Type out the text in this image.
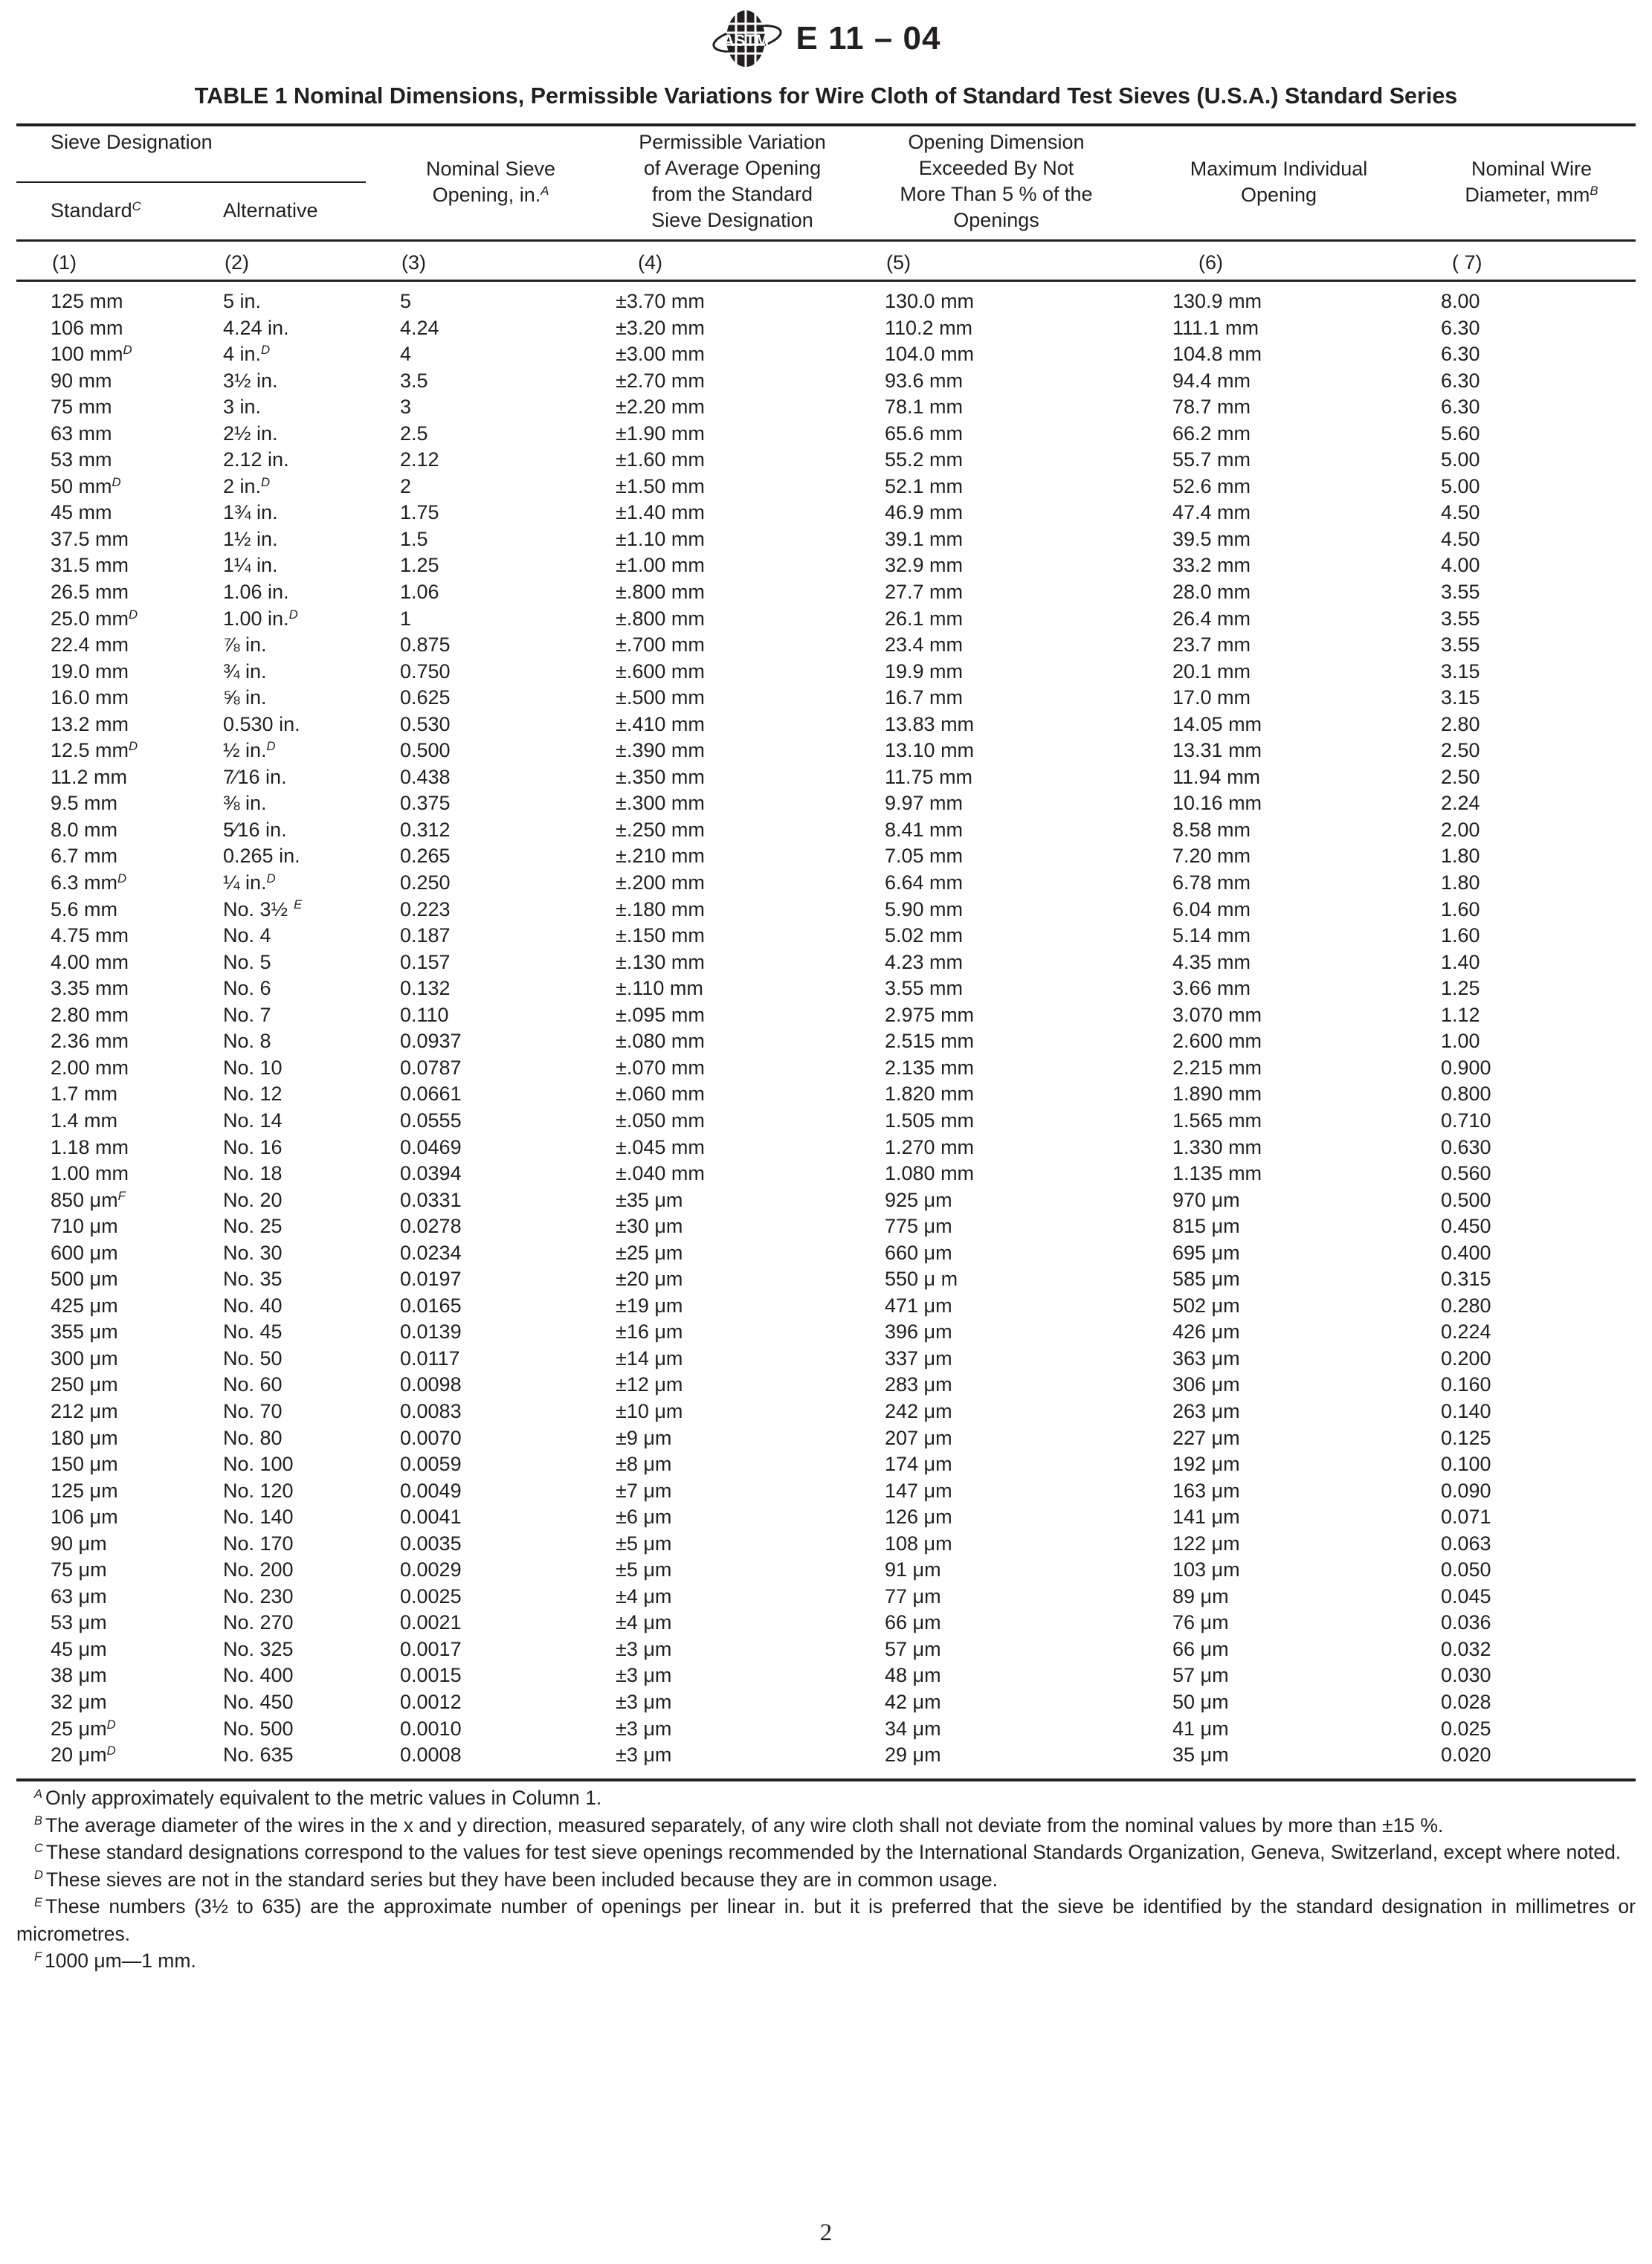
ASTM E 11 – 04
TABLE 1 Nominal Dimensions, Permissible Variations for Wire Cloth of Standard Test Sieves (U.S.A.) Standard Series
Sieve Designation
Standard$^C$	Alternative
Nominal Sieve
Opening, in.$^A$
Permissible Variation
of Average Opening
from the Standard
Sieve Designation
Opening Dimension
Exceeded By Not
More Than 5 % of the
Openings
Maximum Individual
Opening
Nominal Wire
Diameter, $mm^B$
(1)	(2)	(3)	(4)	(5)	(6)	( 7)
125 mm	5 in.	5	±3.70 mm	130.0 mm	130.9 mm	8.00
106 mm	4.24 in.	4.24	±3.20 mm	110.2 mm	111.1 mm	6.30
100 $mm^D$	4 in.$^D$	4	±3.00 mm	104.0 mm	104.8 mm	6.30
90 mm	3½ in.	3.5	±2.70 mm	93.6 mm	94.4 mm	6.30
75 mm	3 in.	3	±2.20 mm	78.1 mm	78.7 mm	6.30
63 mm	2½ in.	2.5	±1.90 mm	65.6 mm	66.2 mm	5.60
53 mm	2.12 in.	2.12	±1.60 mm	55.2 mm	55.7 mm	5.00
50 $mm^D$	2 in.$^D$	2	±1.50 mm	52.1 mm	52.6 mm	5.00
45 mm	1¾ in.	1.75	±1.40 mm	46.9 mm	47.4 mm	4.50
37.5 mm	1½ in.	1.5	±1.10 mm	39.1 mm	39.5 mm	4.50
31.5 mm	1¼ in.	1.25	±1.00 mm	32.9 mm	33.2 mm	4.00
26.5 mm	1.06 in.	1.06	±.800 mm	27.7 mm	28.0 mm	3.55
25.0 $mm^D$	1.00 in.$^D$	1	±.800 mm	26.1 mm	26.4 mm	3.55
22.4 mm	⅞ in.	0.875	±.700 mm	23.4 mm	23.7 mm	3.55
19.0 mm	¾ in.	0.750	±.600 mm	19.9 mm	20.1 mm	3.15
16.0 mm	⅝ in.	0.625	±.500 mm	16.7 mm	17.0 mm	3.15
13.2 mm	0.530 in.	0.530	±.410 mm	13.83 mm	14.05 mm	2.80
12.5 $mm^D$	½ in.$^D$	0.500	±.390 mm	13.10 mm	13.31 mm	2.50
11.2 mm	7⁄16 in.	0.438	±.350 mm	11.75 mm	11.94 mm	2.50
9.5 mm	⅜ in.	0.375	±.300 mm	9.97 mm	10.16 mm	2.24
8.0 mm	5⁄16 in.	0.312	±.250 mm	8.41 mm	8.58 mm	2.00
6.7 mm	0.265 in.	0.265	±.210 mm	7.05 mm	7.20 mm	1.80
6.3 $mm^D$	¼ in.$^D$	0.250	±.200 mm	6.64 mm	6.78 mm	1.80
5.6 mm	No. 3½ $^E$	0.223	±.180 mm	5.90 mm	6.04 mm	1.60
4.75 mm	No. 4	0.187	±.150 mm	5.02 mm	5.14 mm	1.60
4.00 mm	No. 5	0.157	±.130 mm	4.23 mm	4.35 mm	1.40
3.35 mm	No. 6	0.132	±.110 mm	3.55 mm	3.66 mm	1.25
2.80 mm	No. 7	0.110	±.095 mm	2.975 mm	3.070 mm	1.12
2.36 mm	No. 8	0.0937	±.080 mm	2.515 mm	2.600 mm	1.00
2.00 mm	No. 10	0.0787	±.070 mm	2.135 mm	2.215 mm	0.900
1.7 mm	No. 12	0.0661	±.060 mm	1.820 mm	1.890 mm	0.800
1.4 mm	No. 14	0.0555	±.050 mm	1.505 mm	1.565 mm	0.710
1.18 mm	No. 16	0.0469	±.045 mm	1.270 mm	1.330 mm	0.630
1.00 mm	No. 18	0.0394	±.040 mm	1.080 mm	1.135 mm	0.560
850 $\mu m^F$	No. 20	0.0331	±35 μm	925 μm	970 μm	0.500
710 μm	No. 25	0.0278	±30 μm	775 μm	815 μm	0.450
600 μm	No. 30	0.0234	±25 μm	660 μm	695 μm	0.400
500 μm	No. 35	0.0197	±20 μm	550 μ m	585 μm	0.315
425 μm	No. 40	0.0165	±19 μm	471 μm	502 μm	0.280
355 μm	No. 45	0.0139	±16 μm	396 μm	426 μm	0.224
300 μm	No. 50	0.0117	±14 μm	337 μm	363 μm	0.200
250 μm	No. 60	0.0098	±12 μm	283 μm	306 μm	0.160
212 μm	No. 70	0.0083	±10 μm	242 μm	263 μm	0.140
180 μm	No. 80	0.0070	±9 μm	207 μm	227 μm	0.125
150 μm	No. 100	0.0059	±8 μm	174 μm	192 μm	0.100
125 μm	No. 120	0.0049	±7 μm	147 μm	163 μm	0.090
106 μm	No. 140	0.0041	±6 μm	126 μm	141 μm	0.071
90 μm	No. 170	0.0035	±5 μm	108 μm	122 μm	0.063
75 μm	No. 200	0.0029	±5 μm	91 μm	103 μm	0.050
63 μm	No. 230	0.0025	±4 μm	77 μm	89 μm	0.045
53 μm	No. 270	0.0021	±4 μm	66 μm	76 μm	0.036
45 μm	No. 325	0.0017	±3 μm	57 μm	66 μm	0.032
38 μm	No. 400	0.0015	±3 μm	48 μm	57 μm	0.030
32 μm	No. 450	0.0012	±3 μm	42 μm	50 μm	0.028
25 $\mu m^D$	No. 500	0.0010	±3 μm	34 μm	41 μm	0.025
20 $\mu m^D$	No. 635	0.0008	±3 μm	29 μm	35 μm	0.020

$^A$ Only approximately equivalent to the metric values in Column 1.

$^B$ The average diameter of the wires in the x and y direction, measured separately, of any wire cloth shall not deviate from the nominal values by more than ±15 %.

$^C$ These standard designations correspond to the values for test sieve openings recommended by the International Standards Organization, Geneva, Switzerland, except where noted.

$^D$ These sieves are not in the standard series but they have been included because they are in common usage.

$^E$ These numbers (3½ to 635) are the approximate number of openings per linear in. but it is preferred that the sieve be identified by the standard designation in millimetres or micrometres.

$^F$ 1000 μm—1 mm.

2
